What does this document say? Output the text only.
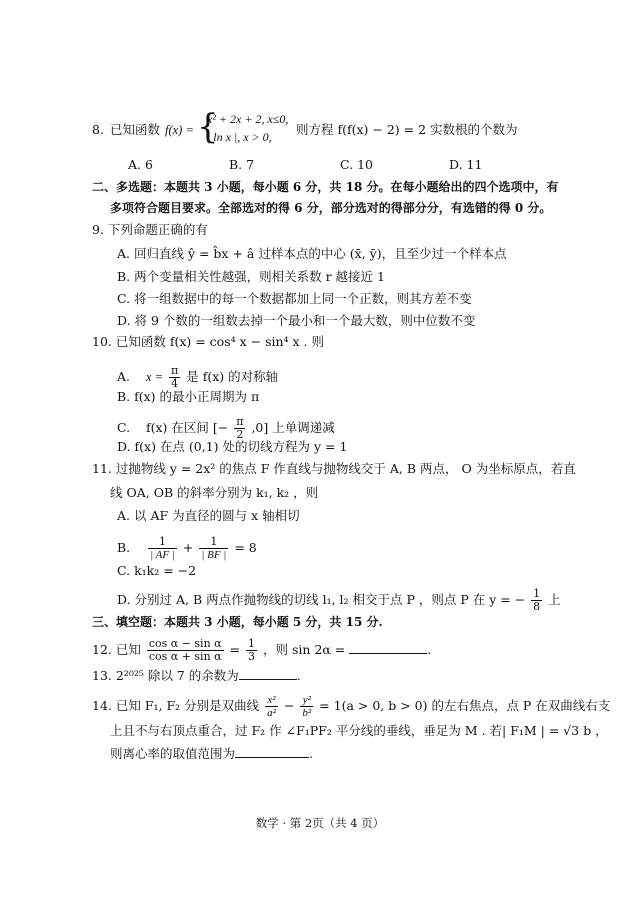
8. 已知函数 f(x) = {
x² + 2x + 2, x≤0,
| ln x |, x > 0, 则方程 f(f(x) − 2) = 2 实数根的个数为
A. 6	B. 7	C. 10	D. 11
二、多选题：本题共 3 小题，每小题 6 分，共 18 分。在每小题给出的四个选项中，有
多项符合题目要求。全部选对的得 6 分，部分选对的得部分分，有选错的得 0 分。
9. 下列命题正确的有
A. 回归直线 ŷ = b̂x + â 过样本点的中心 (x̄, ȳ)，且至少过一个样本点
B. 两个变量相关性越强，则相关系数 r 越接近 1
C. 将一组数据中的每一个数据都加上同一个正数，则其方差不变
D. 将 9 个数的一组数去掉一个最小和一个最大数，则中位数不变
10. 已知函数 f(x) = cos⁴ x − sin⁴ x . 则
A. $x = \frac{\pi}{4}$ 是 f(x) 的对称轴
B. f(x) 的最小正周期为 π
C. f(x) 在区间 [− $\frac{\pi}{2} ,0$] 上单调递减
D. f(x) 在点 (0,1) 处的切线方程为 y = 1
11. 过抛物线 y = 2x² 的焦点 F 作直线与抛物线交于 A, B 两点， O 为坐标原点，若直
线 OA, OB 的斜率分别为 k₁, k₂ ，则
A. 以 AF 为直径的圆与 x 轴相切
B. $\frac{1}{| AF |} + \frac{1}{| BF |} = 8$
C. k₁k₂ = −2
D. 分别过 A, B 两点作抛物线的切线 l₁, l₂ 相交于点 P ，则点 P 在 y = − $\frac{1}{8}$ 上
三、填空题：本题共 3 小题，每小题 5 分，共 15 分.
12. 已知 $\frac{\text{cos α − sin α}}{\text{cos α + sin α}} = \frac{1}{3}$ ，则 sin 2α =	.
13. 2²⁰²⁵ 除以 7 的余数为	.
14. 已知 F₁, F₂ 分别是双曲线 $\frac{\text{x²}}{\text{a²}} - \frac{\text{y²}}{\text{b²}} = 1(a > 0$, b > 0) 的左右焦点，点 P 在双曲线右支
上且不与右顶点重合，过 F₂ 作 ∠F₁PF₂ 平分线的垂线，垂足为 M . 若| F₁M | = √3 b ，
则离心率的取值范围为	.
数学 · 第 2页（共 4 页）
